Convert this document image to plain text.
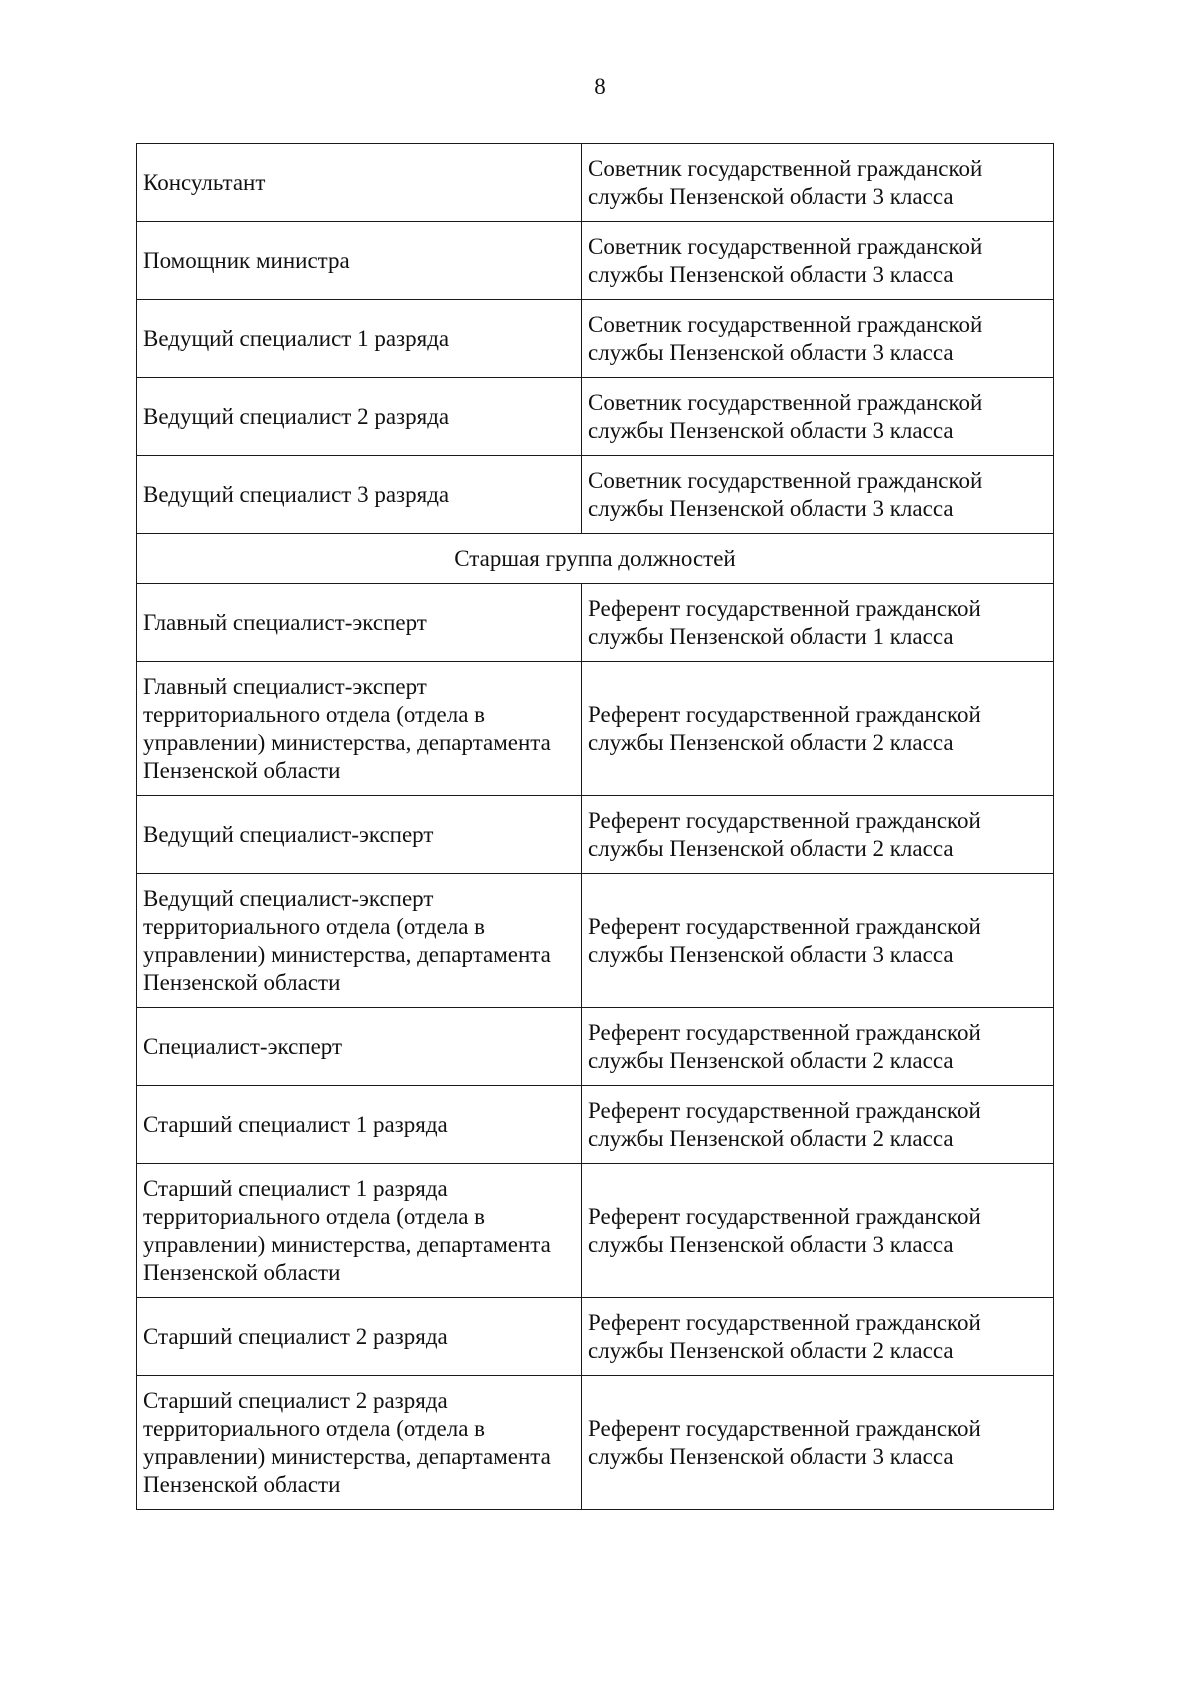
8
Консультант	Советник государственной гражданской
службы Пензенской области 3 класса

Помощник министра	Советник государственной гражданской
службы Пензенской области 3 класса

Ведущий специалист 1 разряда	Советник государственной гражданской
службы Пензенской области 3 класса

Ведущий специалист 2 разряда	Советник государственной гражданской
службы Пензенской области 3 класса

Ведущий специалист 3 разряда	Советник государственной гражданской
службы Пензенской области 3 класса

Старшая группа должностей	

Главный специалист-эксперт	Референт государственной гражданской
службы Пензенской области 1 класса

Главный специалист-эксперт
территориального отдела (отдела в
управлении) министерства, департамента
Пензенской области	Референт государственной гражданской
службы Пензенской области 2 класса

Ведущий специалист-эксперт	Референт государственной гражданской
службы Пензенской области 2 класса

Ведущий специалист-эксперт
территориального отдела (отдела в
управлении) министерства, департамента
Пензенской области	Референт государственной гражданской
службы Пензенской области 3 класса

Специалист-эксперт	Референт государственной гражданской
службы Пензенской области 2 класса

Старший специалист 1 разряда	Референт государственной гражданской
службы Пензенской области 2 класса

Старший специалист 1 разряда
территориального отдела (отдела в
управлении) министерства, департамента
Пензенской области	Референт государственной гражданской
службы Пензенской области 3 класса

Старший специалист 2 разряда	Референт государственной гражданской
службы Пензенской области 2 класса

Старший специалист 2 разряда
территориального отдела (отдела в
управлении) министерства, департамента
Пензенской области	Референт государственной гражданской
службы Пензенской области 3 класса
